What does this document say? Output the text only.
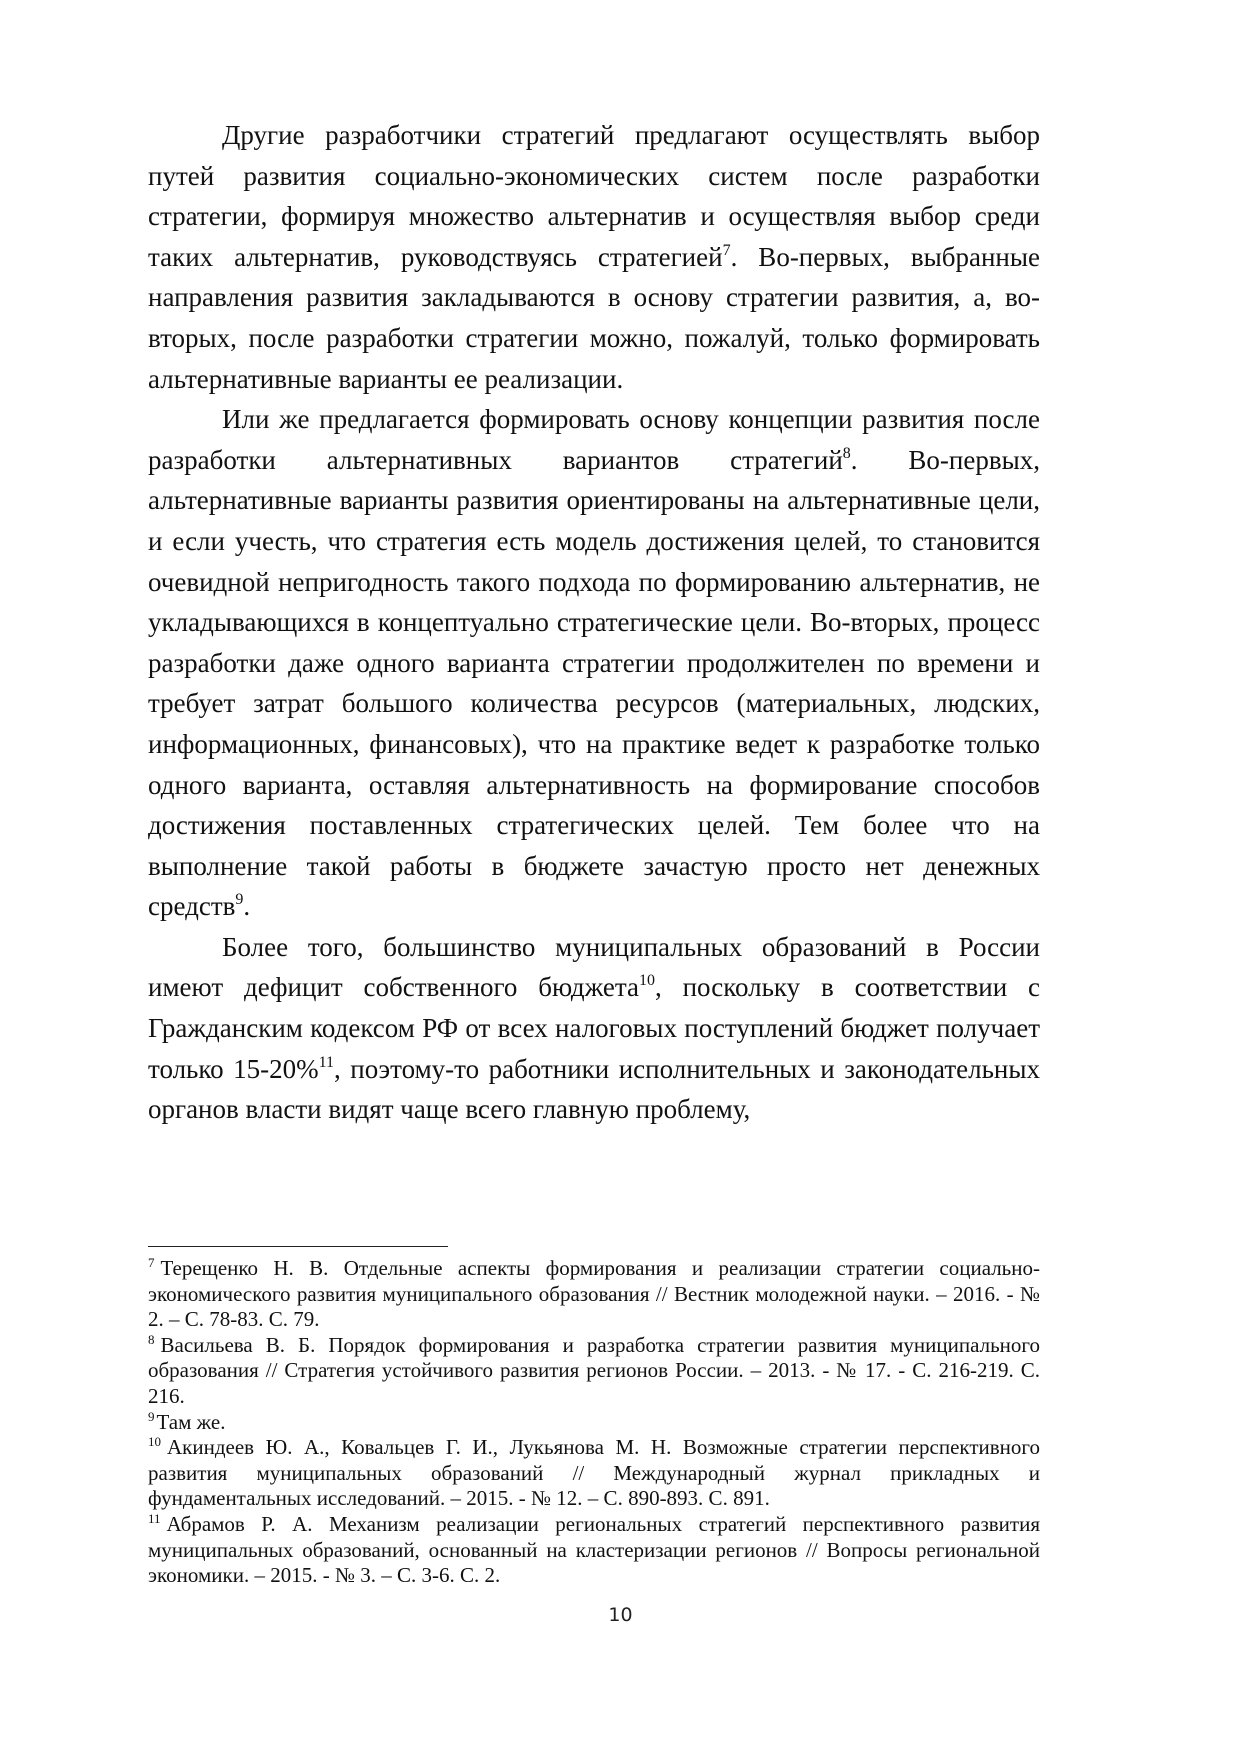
Другие разработчики стратегий предлагают осуществлять выбор путей развития социально-экономических систем после разработки стратегии, формируя множество альтернатив и осуществляя выбор среди таких альтернатив, руководствуясь стратегией$^7$. Во-первых, выбранные направления развития закладываются в основу стратегии развития, а, во-вторых, после разработки стратегии можно, пожалуй, только формировать альтернативные варианты ее реализации.

Или же предлагается формировать основу концепции развития после разработки альтернативных вариантов стратегий$^8$. Во-первых, альтернативные варианты развития ориентированы на альтернативные цели, и если учесть, что стратегия есть модель достижения целей, то становится очевидной непригодность такого подхода по формированию альтернатив, не укладывающихся в концептуально стратегические цели. Во-вторых, процесс разработки даже одного варианта стратегии продолжителен по времени и требует затрат большого количества ресурсов (материальных, людских, информационных, финансовых), что на практике ведет к разработке только одного варианта, оставляя альтернативность на формирование способов достижения поставленных стратегических целей. Тем более что на выполнение такой работы в бюджете зачастую просто нет денежных средств$^9$.

Более того, большинство муниципальных образований в России имеют дефицит собственного бюджета$^{10}$, поскольку в соответствии с Гражданским кодексом РФ от всех налоговых поступлений бюджет получает только 15-20%$^{11}$, поэтому-то работники исполнительных и законодательных органов власти видят чаще всего главную проблему,

$^7$ Терещенко Н. В. Отдельные аспекты формирования и реализации стратегии социально-экономического развития муниципального образования // Вестник молодежной науки. – 2016. - № 2. – С. 78-83. С. 79.

$^8$ Васильева В. Б. Порядок формирования и разработка стратегии развития муниципального образования // Стратегия устойчивого развития регионов России. – 2013. - № 17. - С. 216-219. С. 216.

$^9$Там же.

$^{10}$ Акиндеев Ю. А., Ковальцев Г. И., Лукьянова М. Н. Возможные стратегии перспективного развития муниципальных образований // Международный журнал прикладных и фундаментальных исследований. – 2015. - № 12. – С. 890-893. С. 891.

$^{11}$ Абрамов Р. А. Механизм реализации региональных стратегий перспективного развития муниципальных образований, основанный на кластеризации регионов // Вопросы региональной экономики. – 2015. - № 3. – С. 3-6. С. 2.

10
